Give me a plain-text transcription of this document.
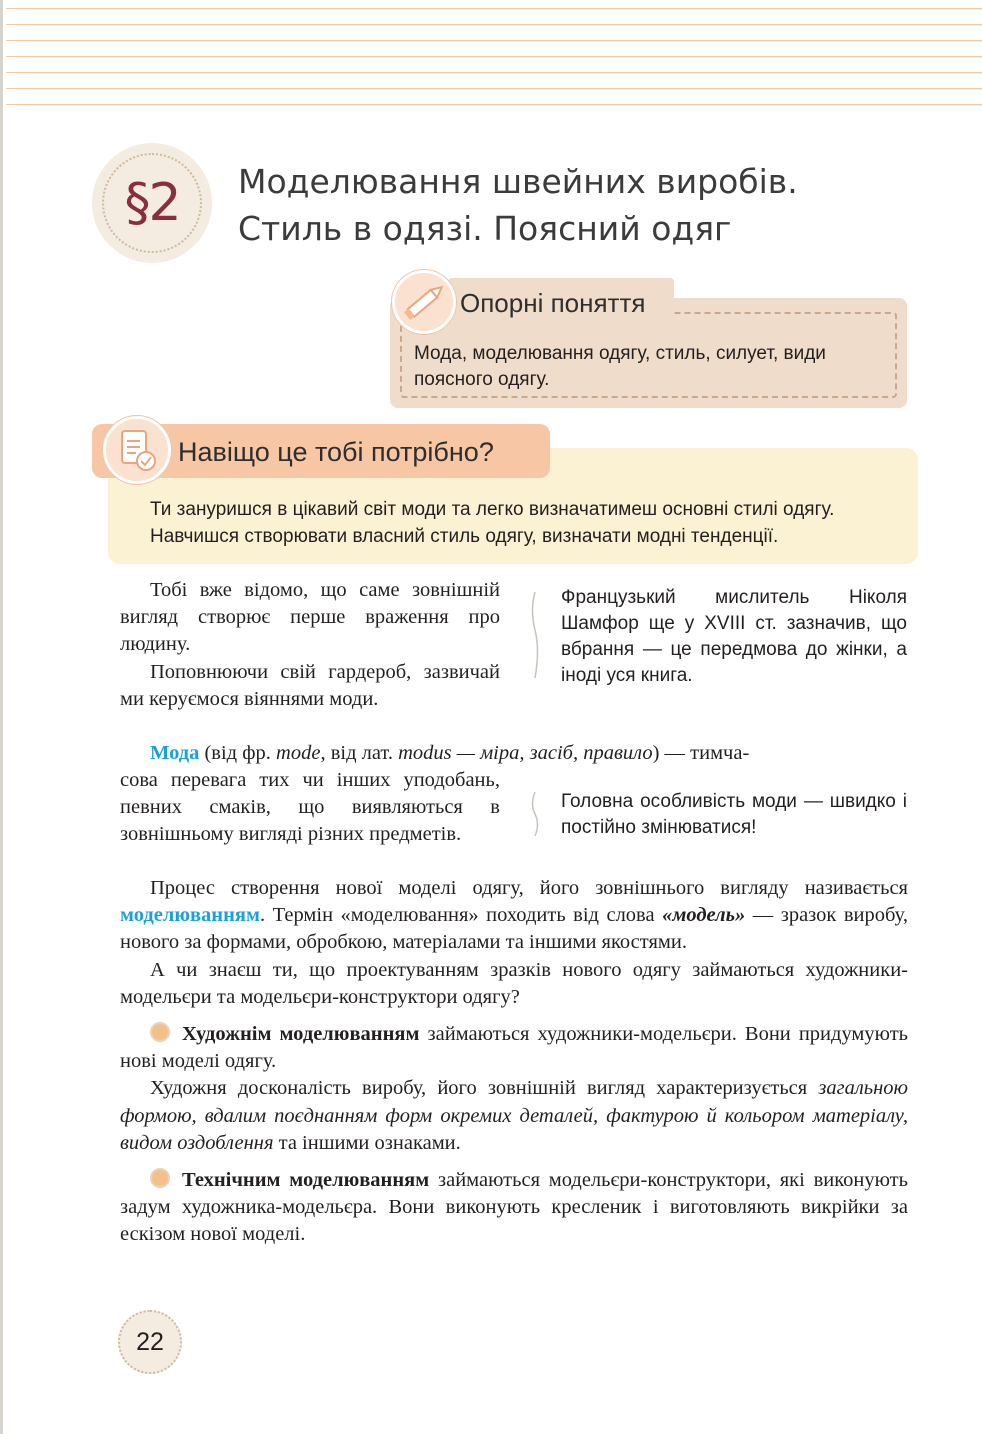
§2 Моделювання швейних виробів.
Стиль в одязі. Поясний одяг
Опорні поняття
Мода, моделювання одягу, стиль, силует, види поясного одягу.
Навіщо це тобі потрібно?
Ти зануришся в цікавий світ моди та легко визначатимеш основні стилі одягу.
Навчишся створювати власний стиль одягу, визначати модні тенденції.

Тобі вже відомо, що саме зовнішній вигляд створює перше враження про людину.

Поповнюючи свій гардероб, зазвичай ми керуємося віяннями моди.

Французький мислитель Ніколя Шамфор ще у XVIII ст. зазначив, що вбрання — це передмова до жінки, а іноді уся книга.

Мода (від фр. mode, від лат. modus — міра, засіб, правило) — тимча-

сова перевага тих чи інших уподобань, певних смаків, що виявляються в зовнішньому вигляді різних предметів.
Головна особливість моди — швидко і постійно змінюватися!

Процес створення нової моделі одягу, його зовнішнього вигляду називається моделюванням. Термін «моделювання» походить від слова «модель» — зразок виробу, нового за формами, обробкою, матеріалами та іншими якостями.

А чи знаєш ти, що проектуванням зразків нового одягу займаються художники-модельєри та модельєри-конструктори одягу?

Художнім моделюванням займаються художники-модельєри. Вони придумують нові моделі одягу.

Художня досконалість виробу, його зовнішній вигляд характеризується загальною формою, вдалим поєднанням форм окремих деталей, фактурою й кольором матеріалу, видом оздоблення та іншими ознаками.

Технічним моделюванням займаються модельєри-конструктори, які виконують задум художника-модельєра. Вони виконують кресленик і виготовляють викрійки за ескізом нової моделі.

22
